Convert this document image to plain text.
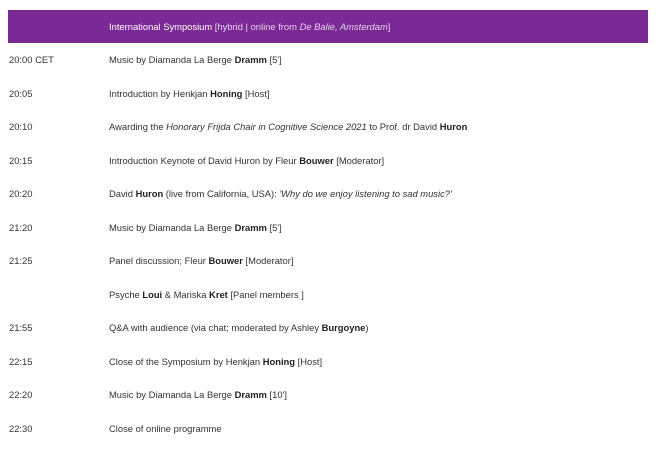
International Symposium [hybrid | online from De Balie, Amsterdam]
20:00 CET	Music by Diamanda La Berge Dramm [5']
20:05	Introduction by Henkjan Honing [Host]
20:10	Awarding the Honorary Frijda Chair in Cognitive Science 2021 to Prof. dr David Huron
20:15	Introduction Keynote of David Huron by Fleur Bouwer [Moderator]
20:20	David Huron (live from California, USA): 'Why do we enjoy listening to sad music?'
21:20	Music by Diamanda La Berge Dramm [5']
21:25	Panel discussion; Fleur Bouwer [Moderator]
Psyche Loui & Mariska Kret [Panel members ]
21:55	Q&A with audience (via chat; moderated by Ashley Burgoyne)
22:15	Close of the Symposium by Henkjan Honing [Host]
22:20	Music by Diamanda La Berge Dramm [10']
22:30	Close of online programme
